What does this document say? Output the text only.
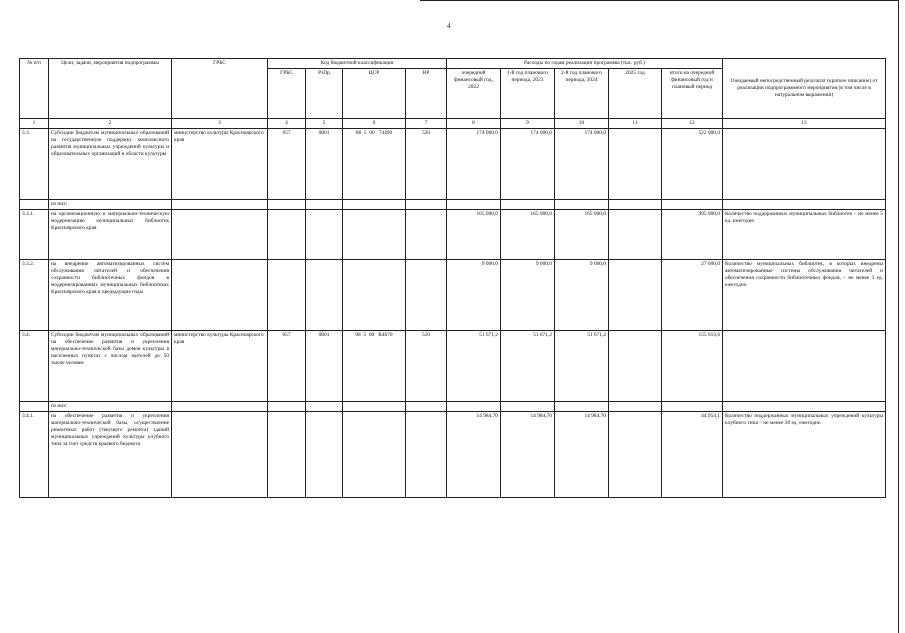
4
№ п/п	Цели, задачи, мероприятия подпрограммы	ГРБС	Код бюджетной классификации				Расходы по годам реализации программы (тыс. руб.)					Ожидаемый непосредственный результат (краткое описание) от реализации подпрограммного мероприятия (в том числе в натуральном выражении)
			ГРБС	РзПр	ЦСР	ВР	очередной финансовый год, 2022	1-й год планового периода, 2023	2-й год планового периода, 2024	2025 год	итого на очередной финансовый год и плановый период	
1	2	3	4	5	6	7	8	9	10	11	12	13
3.3.	Субсидии бюджетам муниципальных образований на государственную поддержку комплексного развития муниципальных учреждений культуры и образовательных организаций в области культуры	министерство культуры Красноярского края	057	0801	08  5  00   74490	520	174 000,0	174 000,0	174 000,0		522 000,0	
	из них:											
3.3.1.	на организационную и материально-техническую модернизацию муниципальных библиотек Красноярского края						165 000,0	165 000,0	165 000,0		495 000,0	Количество поддержанных муниципальных библиотек – не менее 5 ед. ежегодно
3.3.2.	на внедрение автоматизированных систем обслуживания читателей и обеспечения сохранности библиотечных фондов в модернизированных муниципальных библиотеках Красноярского края в предыдущие годы						9 000,0	9 000,0	9 000,0		27 000,0	Количество муниципальных библиотек, в которых внедрены автоматизированные системы обслуживания читателей и обеспечения сохранности библиотечных фондов, – не менее 3 ед. ежегодно
3.4.	Субсидии бюджетам муниципальных образований на обеспечение развития и укрепления материально-технической базы домов культуры в населенных пунктах с числом жителей до 50 тысяч человек	министерство культуры Красноярского края	057	0801	08  5  00   R4670	520	51 671,2	51 671,2	51 671,2		155 013,6	
	из них:											
3.4.1.	на обеспечение развития и укрепления материально-технической базы, осуществление ремонтных работ (текущего ремонта) зданий муниципальных учреждений культуры клубного типа за счет средств краевого бюджета						14 984,70	14 984,70	14 984,70		44 954,1	Количество поддержанных муниципальных учреждений культуры клубного типа – не менее 30 ед. ежегодно
